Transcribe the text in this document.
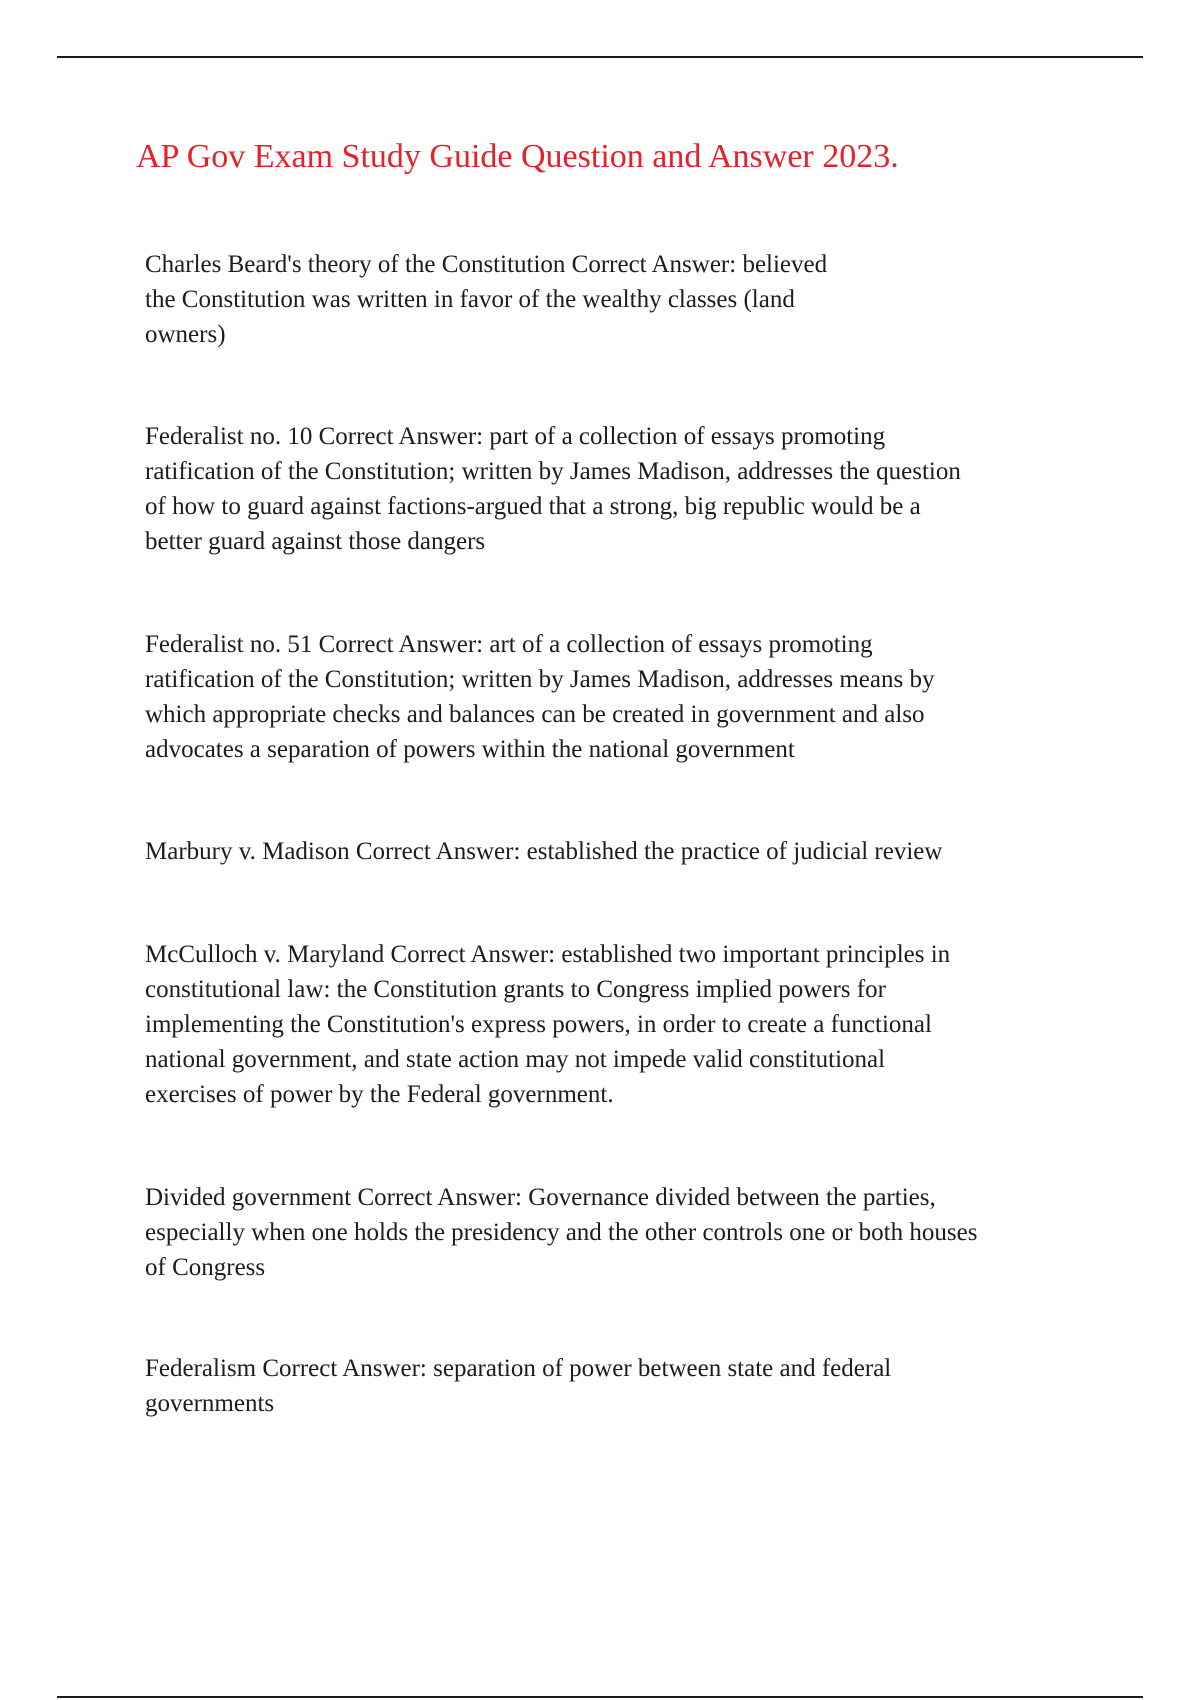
AP Gov Exam Study Guide Question and Answer 2023.

Charles Beard's theory of the Constitution Correct Answer: believed

the Constitution was written in favor of the wealthy classes (land

owners)

Federalist no. 10 Correct Answer: part of a collection of essays promoting

ratification of the Constitution; written by James Madison, addresses the question

of how to guard against factions-argued that a strong, big republic would be a

better guard against those dangers

Federalist no. 51 Correct Answer: art of a collection of essays promoting

ratification of the Constitution; written by James Madison, addresses means by

which appropriate checks and balances can be created in government and also

advocates a separation of powers within the national government

Marbury v. Madison Correct Answer: established the practice of judicial review

McCulloch v. Maryland Correct Answer: established two important principles in

constitutional law: the Constitution grants to Congress implied powers for

implementing the Constitution's express powers, in order to create a functional

national government, and state action may not impede valid constitutional

exercises of power by the Federal government.

Divided government Correct Answer: Governance divided between the parties,

especially when one holds the presidency and the other controls one or both houses

of Congress

Federalism Correct Answer: separation of power between state and federal

governments
